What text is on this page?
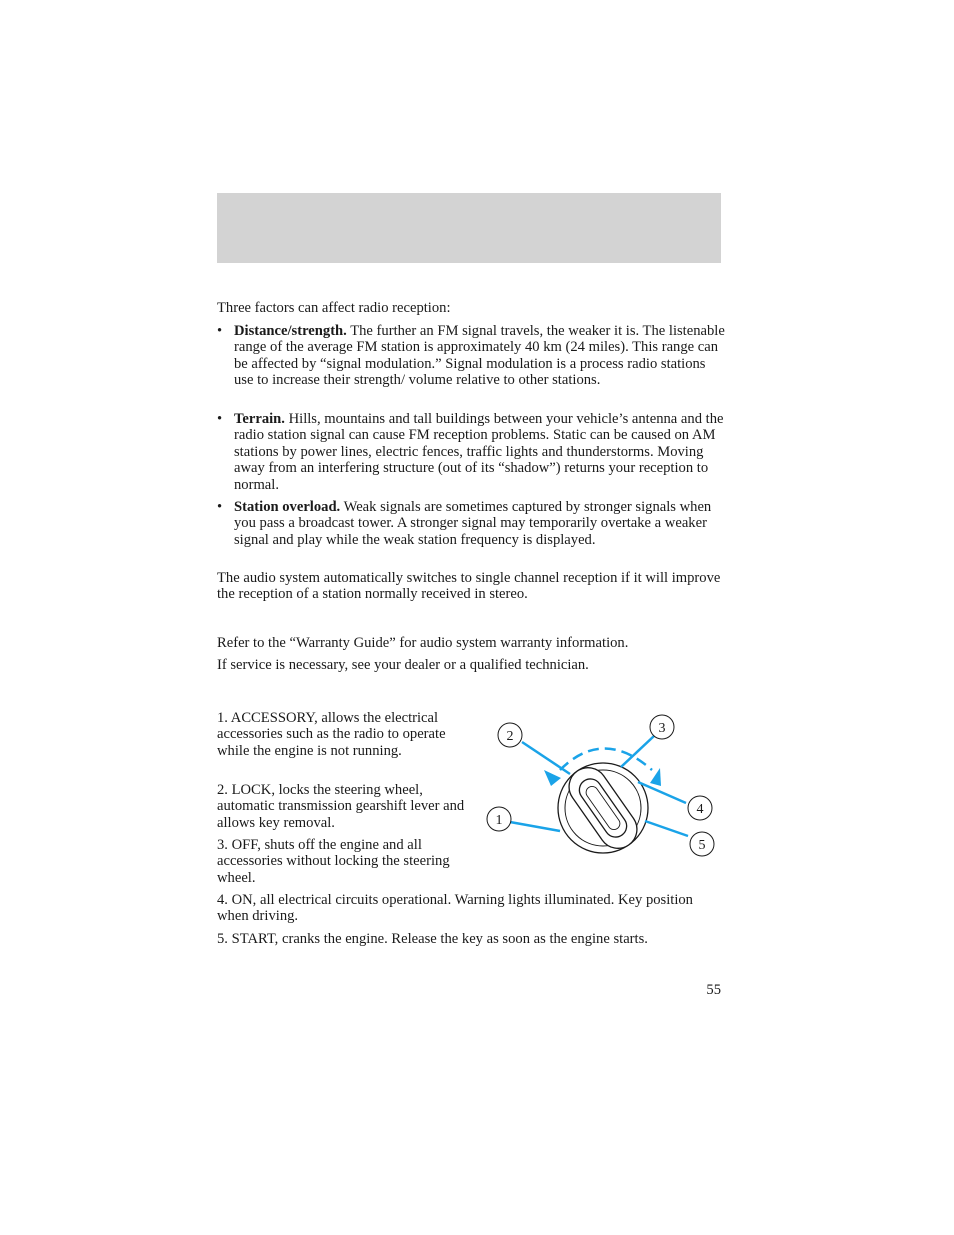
Three factors can affect radio reception:
• Distance/strength. The further an FM signal travels, the weaker it is. The listenable range of the average FM station is approximately 40 km (24 miles). This range can be affected by “signal modulation.” Signal modulation is a process radio stations use to increase their strength/ volume relative to other stations.
• Terrain. Hills, mountains and tall buildings between your vehicle’s antenna and the radio station signal can cause FM reception problems. Static can be caused on AM stations by power lines, electric fences, traffic lights and thunderstorms. Moving away from an interfering structure (out of its “shadow”) returns your reception to normal.
• Station overload. Weak signals are sometimes captured by stronger signals when you pass a broadcast tower. A stronger signal may temporarily overtake a weaker signal and play while the weak station frequency is displayed.
The audio system automatically switches to single channel reception if it will improve the reception of a station normally received in stereo.
Refer to the “Warranty Guide” for audio system warranty information.
If service is necessary, see your dealer or a qualified technician.
1. ACCESSORY, allows the electrical accessories such as the radio to operate while the engine is not running.
2. LOCK, locks the steering wheel, automatic transmission gearshift lever and allows key removal.
3. OFF, shuts off the engine and all accessories without locking the steering wheel.
4. ON, all electrical circuits operational. Warning lights illuminated. Key position when driving.
5. START, cranks the engine. Release the key as soon as the engine starts.
2
3
1
4
5
55
